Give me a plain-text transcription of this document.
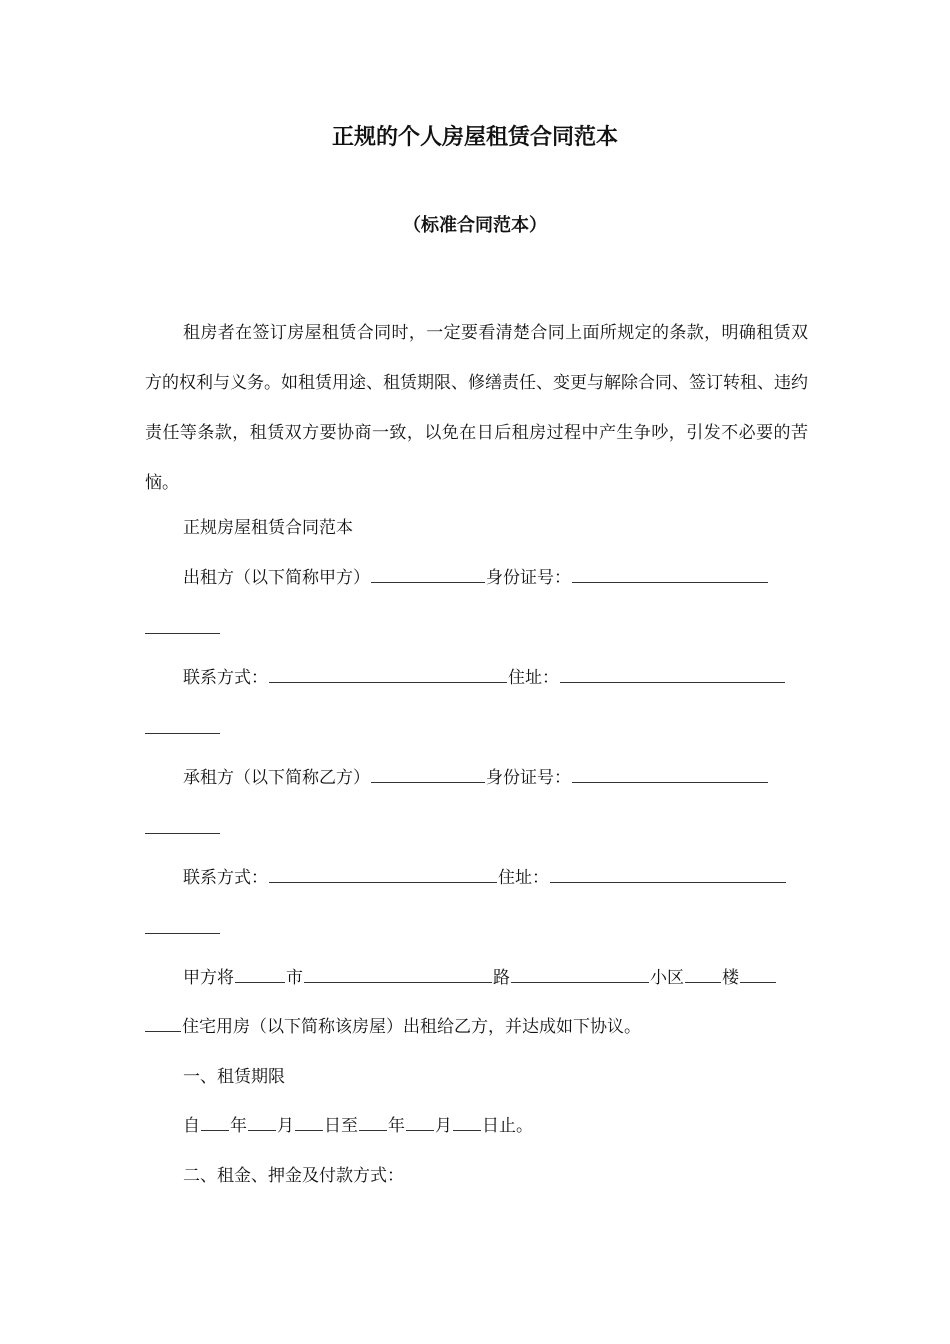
正规的个人房屋租赁合同范本
（标准合同范本）

租房者在签订房屋租赁合同时，一定要看清楚合同上面所规定的条款，明确租赁双方的权利与义务。如租赁用途、租赁期限、修缮责任、变更与解除合同、签订转租、违约责任等条款，租赁双方要协商一致，以免在日后租房过程中产生争吵，引发不必要的苦恼。

正规房屋租赁合同范本
出租方（以下简称甲方）	身份证号：
联系方式：	住址：
承租方（以下简称乙方）	身份证号：
联系方式：	住址：
甲方将	市	路	小区 楼
住宅用房（以下简称该房屋）出租给乙方，并达成如下协议。
一、租赁期限
自 年 月 日至 年 月 日止。
二、租金、押金及付款方式：
